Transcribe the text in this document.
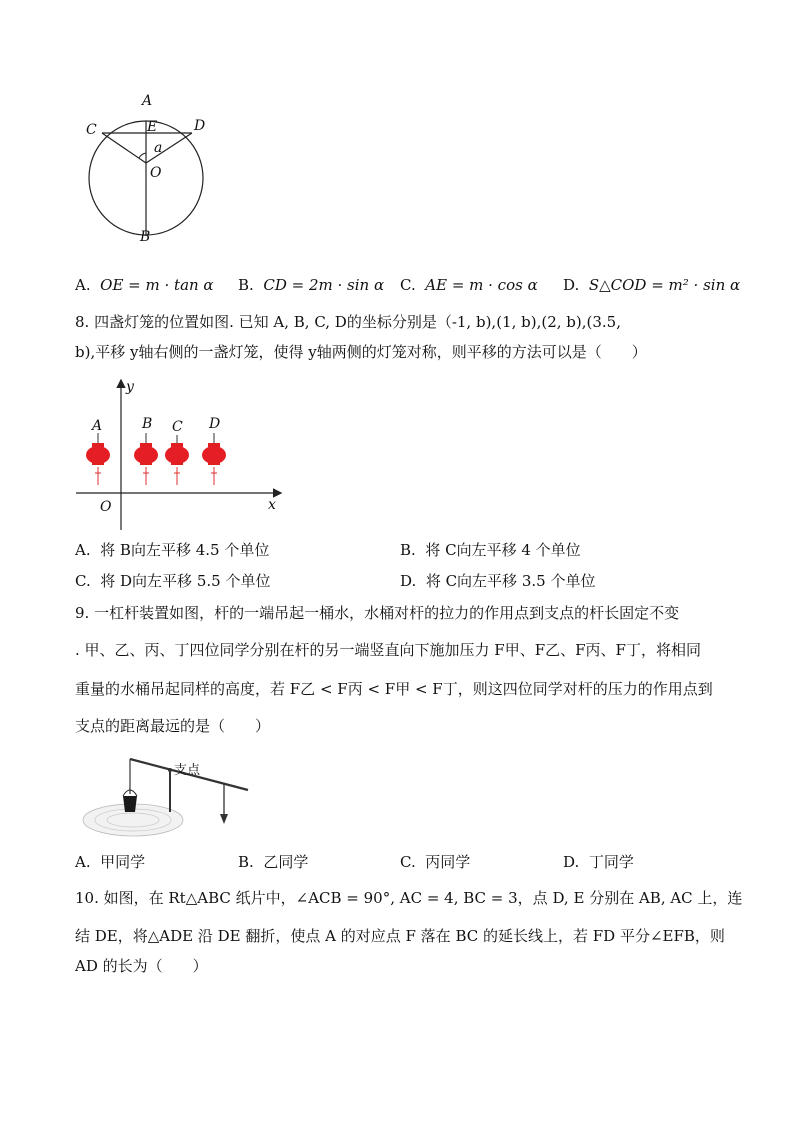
A
C	E	D
a
O
B
A. OE = m · tan α B. CD = 2m · sin α C. AE = m · cos α D. S△COD = m² · sin α
8. 四盏灯笼的位置如图. 已知 A, B, C, D的坐标分别是（-1, b),(1, b),(2, b),(3.5,
b),平移 y轴右侧的一盏灯笼，使得 y轴两侧的灯笼对称，则平移的方法可以是（　　）
y
x
O
A	B C D
A. 将 B向左平移 4.5 个单位	B. 将 C向左平移 4 个单位
C. 将 D向左平移 5.5 个单位	D. 将 C向左平移 3.5 个单位
9. 一杠杆装置如图，杆的一端吊起一桶水，水桶对杆的拉力的作用点到支点的杆长固定不变
. 甲、乙、丙、丁四位同学分别在杆的另一端竖直向下施加压力 F甲、F乙、F丙、F丁，将相同
重量的水桶吊起同样的高度，若 F乙 < F丙 < F甲 < F丁，则这四位同学对杆的压力的作用点到
支点的距离最远的是（　　）
支点
A. 甲同学	B. 乙同学	C. 丙同学	D. 丁同学
10. 如图，在 Rt△ABC 纸片中，∠ACB = 90°, AC = 4, BC = 3，点 D, E 分别在 AB, AC 上，连
结 DE，将△ADE 沿 DE 翻折，使点 A 的对应点 F 落在 BC 的延长线上，若 FD 平分∠EFB，则
AD 的长为（　　）
